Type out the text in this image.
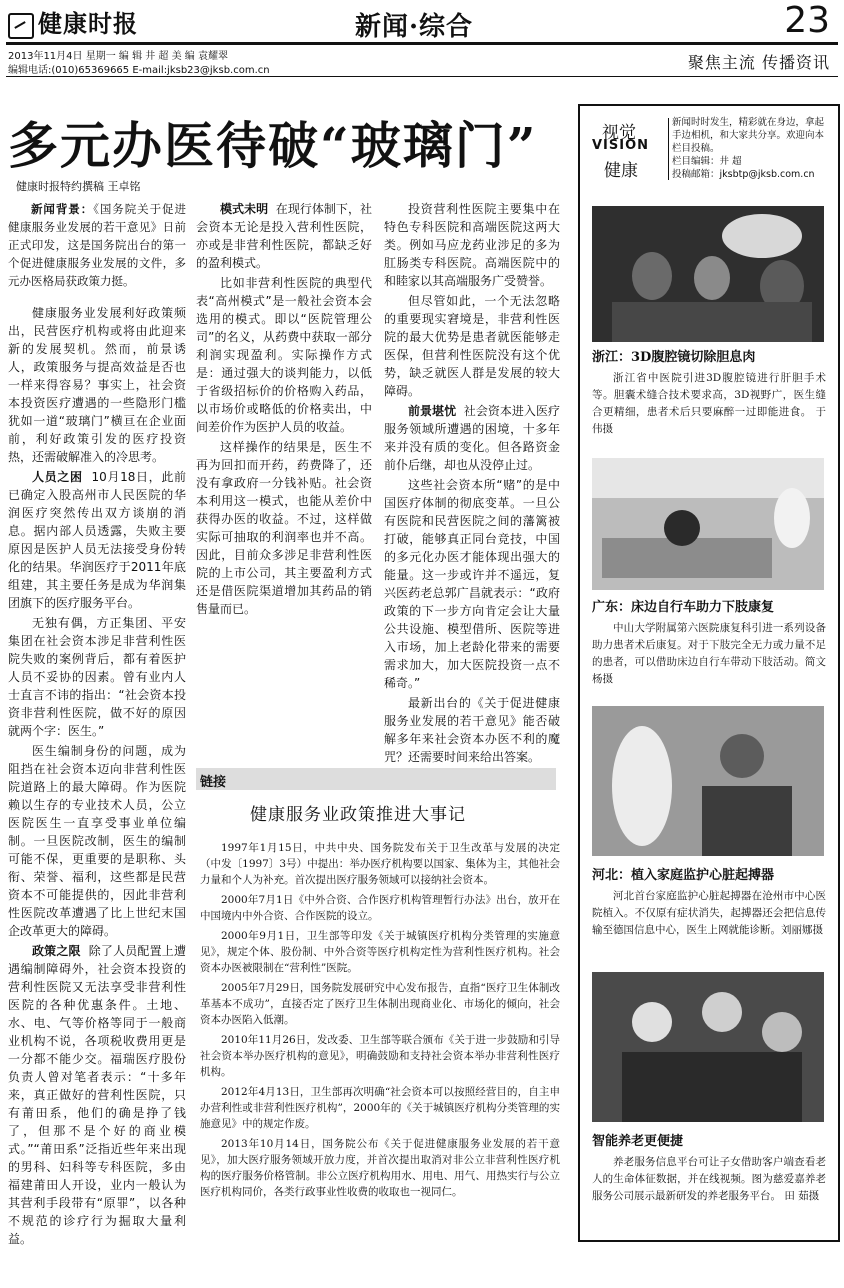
健康时报	新闻·综合	23
2013年11月4日 星期一 编 辑 井 超 美 编 袁耀翠
编辑电话:(010)65369665 E-mail:jksb23@jksb.com.cn	聚焦主流 传播资讯
多元办医待破“玻璃门”
健康时报特约撰稿 王卓铭

新闻背景：《国务院关于促进健康服务业发展的若干意见》日前正式印发，这是国务院出台的第一个促进健康服务业发展的文件，多元办医格局获政策力挺。

健康服务业发展利好政策频出，民营医疗机构或将由此迎来新的发展契机。然而，前景诱人，政策服务与提高效益是否也一样来得容易？事实上，社会资本投资医疗遭遇的一些隐形门槛犹如一道“玻璃门”横亘在企业面前，利好政策引发的医疗投资热，还需破解准入的冷思考。

人员之困 10月18日，此前已确定入股高州市人民医院的华润医疗突然传出双方谈崩的消息。据内部人员透露，失败主要原因是医护人员无法接受身份转化的结果。华润医疗于2011年底组建，其主要任务是成为华润集团旗下的医疗服务平台。

无独有偶，方正集团、平安集团在社会资本涉足非营利性医院失败的案例背后，都有着医护人员不妥协的因素。曾有业内人士直言不讳的指出：“社会资本投资非营利性医院，做不好的原因就两个字：医生。”

医生编制身份的问题，成为阻挡在社会资本迈向非营利性医院道路上的最大障碍。作为医院赖以生存的专业技术人员，公立医院医生一直享受事业单位编制。一旦医院改制，医生的编制可能不保，更重要的是职称、头衔、荣誉、福利，这些都是民营资本不可能提供的，因此非营利性医院改革遭遇了比上世纪末国企改革更大的障碍。

政策之限 除了人员配置上遭遇编制障碍外，社会资本投资的营利性医院又无法享受非营利性医院的各种优惠条件。土地、水、电、气等价格等同于一般商业机构不说，各项税收费用更是一分都不能少交。福瑞医疗股份负责人曾对笔者表示：“十多年来，真正做好的营利性医院，只有莆田系，他们的确是挣了钱了，但那不是个好的商业模式。”“莆田系”泛指近些年来出现的男科、妇科等专科医院，多由福建莆田人开设，业内一般认为其营利手段带有“原罪”，以各种不规范的诊疗行为掘取大量利益。

模式未明 在现行体制下，社会资本无论是投入营利性医院，亦或是非营利性医院，都缺乏好的盈利模式。

比如非营利性医院的典型代表“高州模式”是一般社会资本会选用的模式。即以“医院管理公司”的名义，从药费中获取一部分利润实现盈利。实际操作方式是：通过强大的谈判能力，以低于省级招标价的价格购入药品，以市场价或略低的价格卖出，中间差价作为医护人员的收益。

这样操作的结果是，医生不再为回扣而开药，药费降了，还没有拿政府一分钱补贴。社会资本利用这一模式，也能从差价中获得办医的收益。不过，这样做实际可抽取的利润率也并不高。因此，目前众多涉足非营利性医院的上市公司，其主要盈利方式还是借医院渠道增加其药品的销售量而已。

投资营利性医院主要集中在特色专科医院和高端医院这两大类。例如马应龙药业涉足的多为肛肠类专科医院。高端医院中的和睦家以其高端服务广受赞誉。

但尽管如此，一个无法忽略的重要现实窘境是，非营利性医院的最大优势是患者就医能够走医保，但营利性医院没有这个优势，缺乏就医人群是发展的较大障碍。

前景堪忧 社会资本进入医疗服务领域所遭遇的困境，十多年来并没有质的变化。但各路资金前仆后继，却也从没停止过。

这些社会资本所“赌”的是中国医疗体制的彻底变革。一旦公有医院和民营医院之间的藩篱被打破，能够真正同台竞技，中国的多元化办医才能体现出强大的能量。这一步或许并不遥远，复兴医药老总郭广昌就表示：“政府政策的下一步方向肯定会让大量公共设施、模型借所、医院等进入市场，加上老龄化带来的需要需求加大，加大医院投资一点不稀奇。”

最新出台的《关于促进健康服务业发展的若干意见》能否破解多年来社会资本办医不利的魔咒？还需要时间来给出答案。

链接
健康服务业政策推进大事记

1997年1月15日，中共中央、国务院发布关于卫生改革与发展的决定（中发〔1997〕3号）中提出：举办医疗机构要以国家、集体为主，其他社会力量和个人为补充。首次提出医疗服务领域可以接纳社会资本。

2000年7月1日《中外合资、合作医疗机构管理暂行办法》出台，放开在中国境内中外合资、合作医院的设立。

2000年9月1日，卫生部等印发《关于城镇医疗机构分类管理的实施意见》，规定个体、股份制、中外合资等医疗机构定性为营利性医疗机构。社会资本办医被限制在“营利性”医院。

2005年7月29日，国务院发展研究中心发布报告，直指“医疗卫生体制改革基本不成功”，直接否定了医疗卫生体制出现商业化、市场化的倾向，社会资本办医陷入低潮。

2010年11月26日，发改委、卫生部等联合颁布《关于进一步鼓励和引导社会资本举办医疗机构的意见》，明确鼓励和支持社会资本举办非营利性医疗机构。

2012年4月13日，卫生部再次明确“社会资本可以按照经营目的，自主申办营利性或非营利性医疗机构”，2000年的《关于城镇医疗机构分类管理的实施意见》中的规定作废。

2013年10月14日，国务院公布《关于促进健康服务业发展的若干意见》，加大医疗服务领域开放力度，并首次提出取消对非公立非营利性医疗机构的医疗服务价格管制。非公立医疗机构用水、用电、用气、用热实行与公立医疗机构同价，各类行政事业性收费的收取也一视同仁。

视觉
VISION
健康
新闻时时发生，精彩就在身边，拿起手边相机，和大家共分享。欢迎向本栏目投稿。
栏目编辑：井 超
投稿邮箱：jksbtp@jksb.com.cn
浙江：3D腹腔镜切除胆息肉
浙江省中医院引进3D腹腔镜进行肝胆手术等。胆囊术缝合技术要求高，3D视野广，医生缝合更精细，患者术后只要麻醉一过即能进食。 于 伟摄
广东：床边自行车助力下肢康复
中山大学附属第六医院康复科引进一系列设备助力患者术后康复。对于下肢完全无力或力量不足的患者，可以借助床边自行车带动下肢活动。简文杨摄
河北：植入家庭监护心脏起搏器
河北首台家庭监护心脏起搏器在沧州市中心医院植入。不仅原有症状消失，起搏器还会把信息传输至德国信息中心，医生上网就能诊断。刘丽娜摄
智能养老更便捷
养老服务信息平台可让子女借助客户端查看老人的生命体征数据，并在线视频。图为慈爱嘉养老服务公司展示最新研发的养老服务平台。 田 茹摄
